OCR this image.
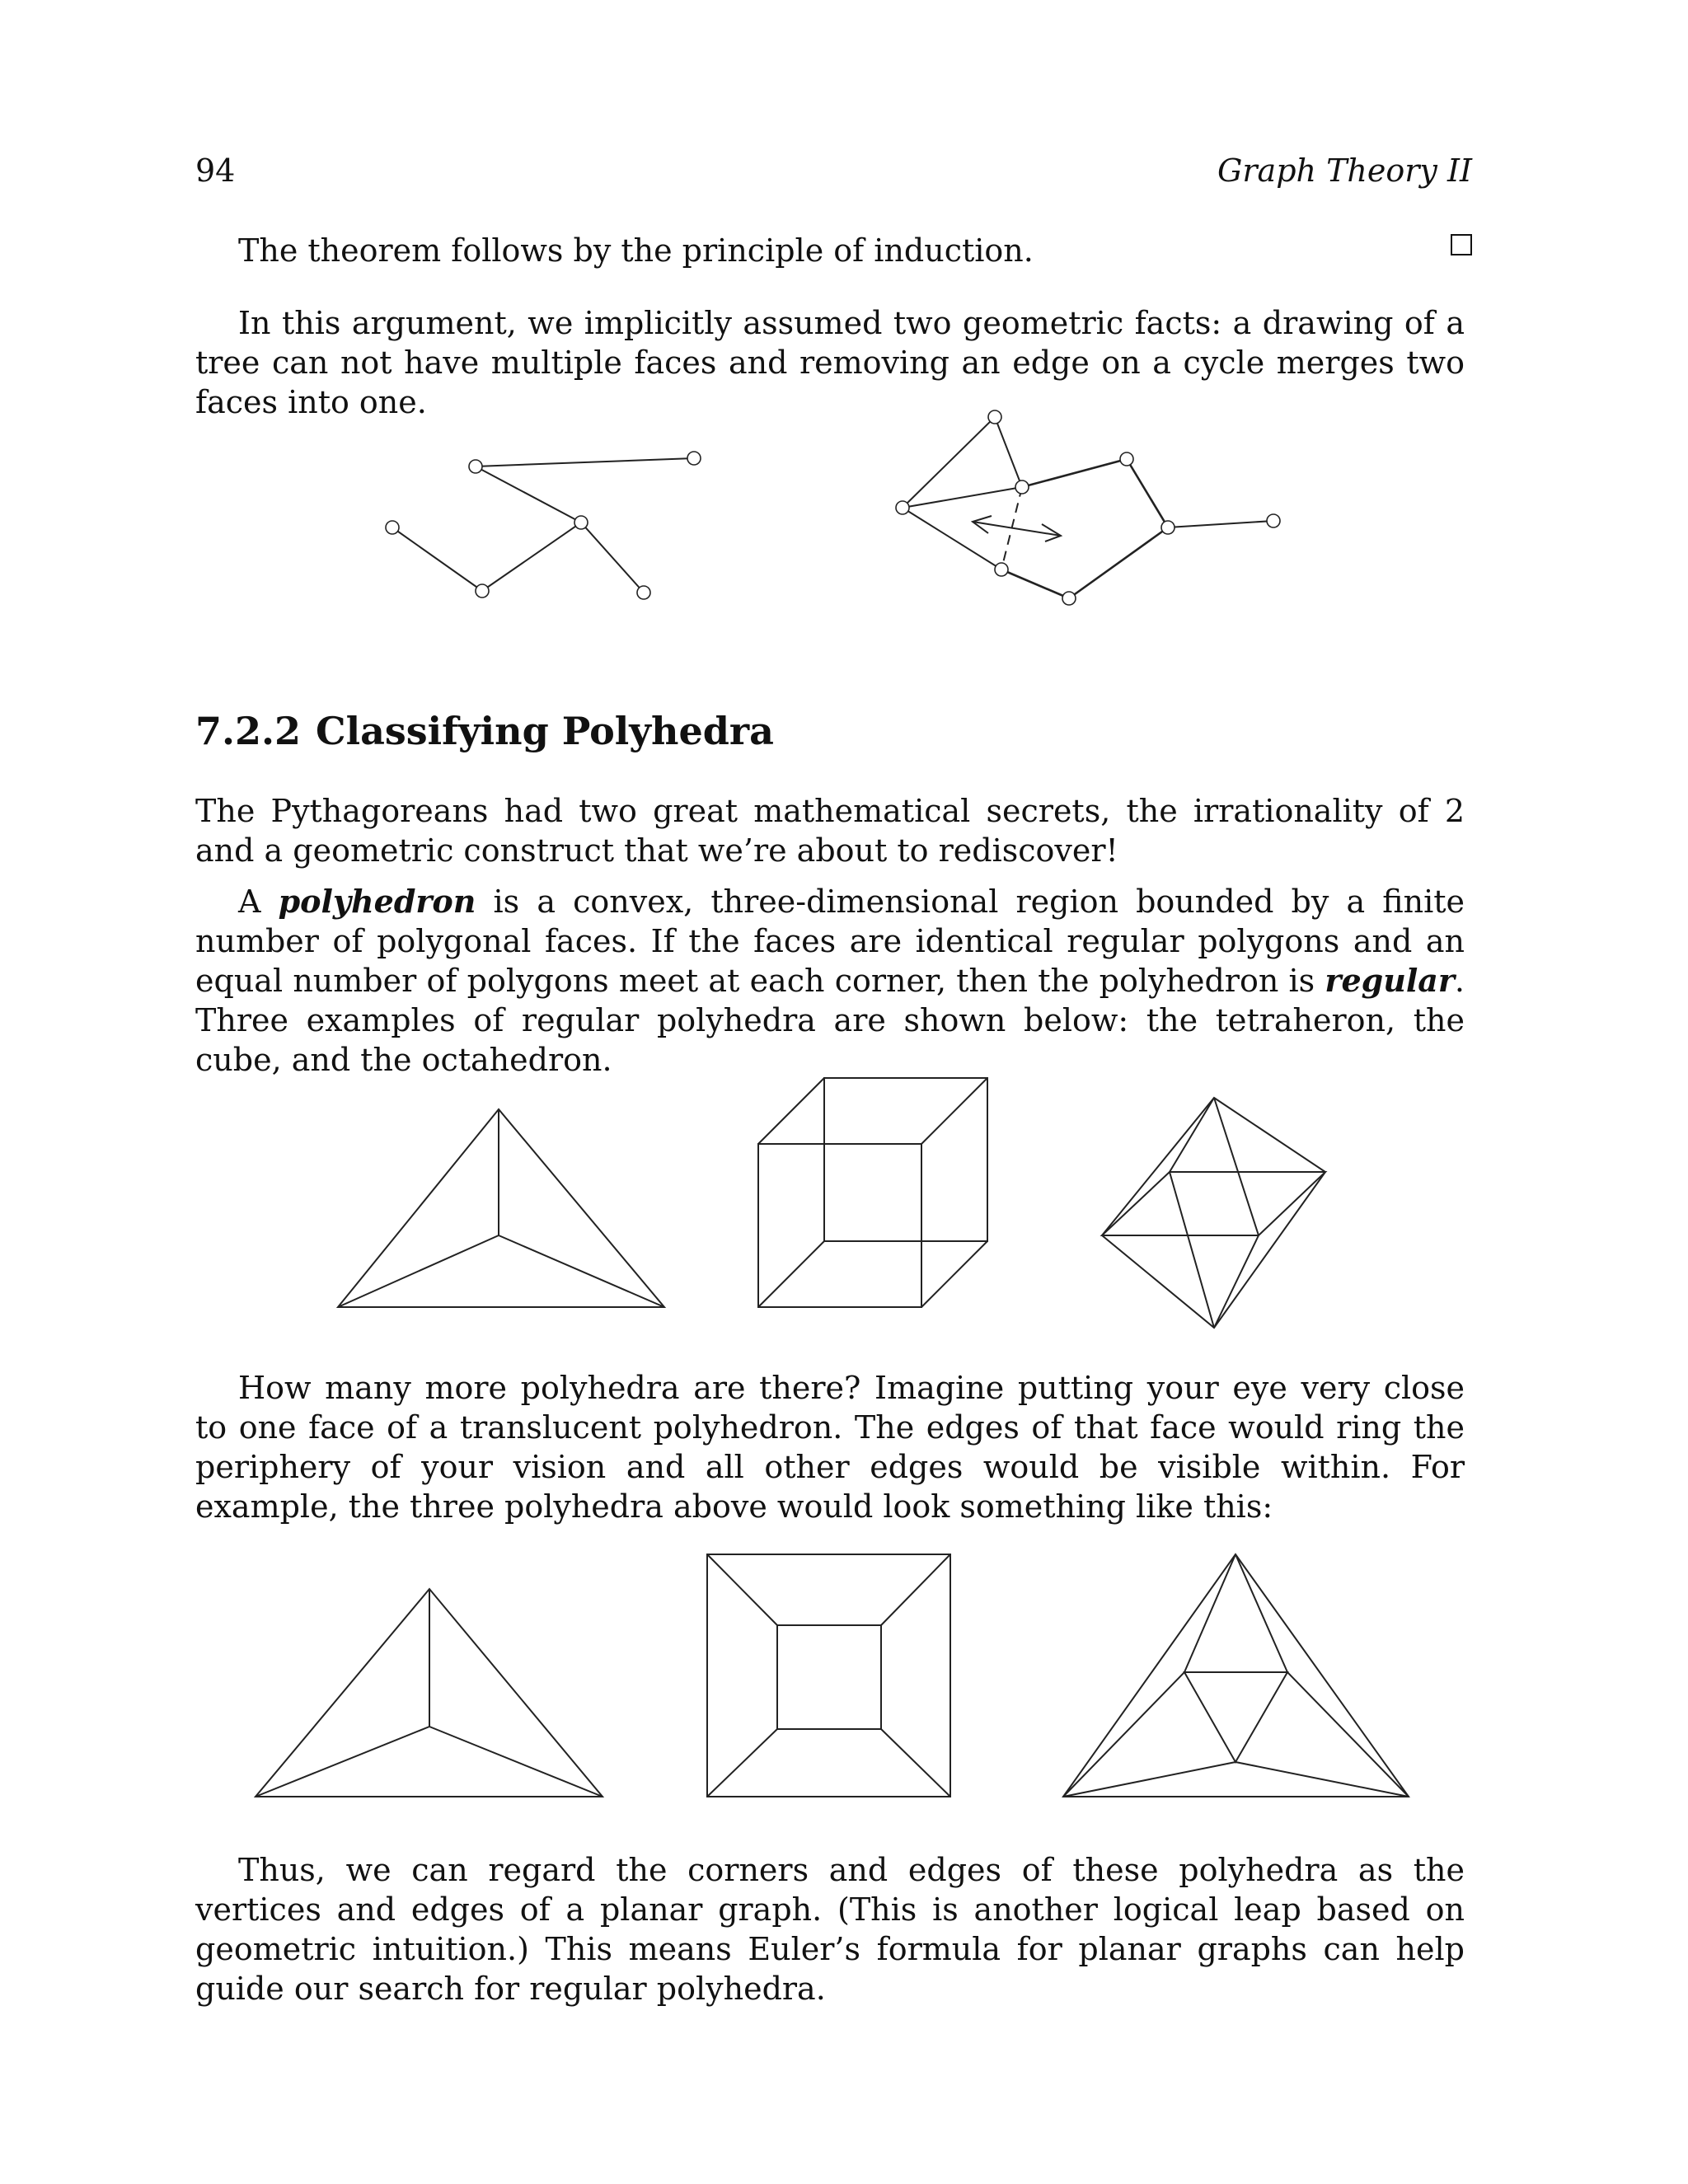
94	Graph Theory II
The theorem follows by the principle of induction.
In this argument, we implicitly assumed two geometric facts: a drawing of a tree can not have multiple faces and removing an edge on a cycle merges two faces into one.
7.2.2 Classifying Polyhedra
The Pythagoreans had two great mathematical secrets, the irrationality of 2 and a geometric construct that we’re about to rediscover!
A polyhedron is a convex, three-dimensional region bounded by a finite number of polygonal faces. If the faces are identical regular polygons and an equal number of polygons meet at each corner, then the polyhedron is regular. Three examples of regular polyhedra are shown below: the tetraheron, the cube, and the octahedron.
How many more polyhedra are there? Imagine putting your eye very close to one face of a translucent polyhedron. The edges of that face would ring the periphery of your vision and all other edges would be visible within. For example, the three polyhedra above would look something like this:
Thus, we can regard the corners and edges of these polyhedra as the vertices and edges of a planar graph. (This is another logical leap based on geometric intuition.) This means Euler’s formula for planar graphs can help guide our search for regular polyhedra.
